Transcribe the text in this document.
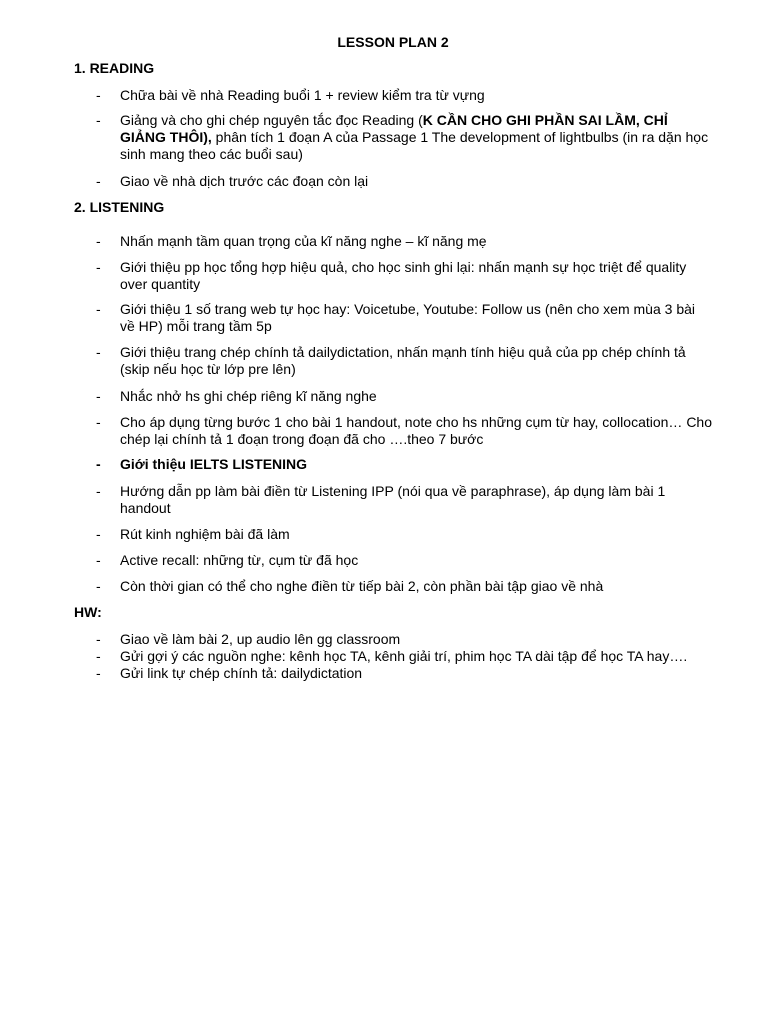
LESSON PLAN 2
1. READING
-	Chữa bài về nhà Reading buổi 1 + review kiểm tra từ vựng
-	Giảng và cho ghi chép nguyên tắc đọc Reading (K CẦN CHO GHI PHẦN SAI LẦM, CHỈ GIẢNG THÔI), phân tích 1 đoạn A của Passage 1 The development of lightbulbs (in ra dặn học sinh mang theo các buổi sau)
-	Giao về nhà dịch trước các đoạn còn lại
2. LISTENING
-	Nhấn mạnh tầm quan trọng của kĩ năng nghe – kĩ năng mẹ
-	Giới thiệu pp học tổng hợp hiệu quả, cho học sinh ghi lại: nhấn mạnh sự học triệt để quality over quantity
-	Giới thiệu 1 số trang web tự học hay: Voicetube, Youtube: Follow us (nên cho xem mùa 3 bài về HP) mỗi trang tầm 5p
-	Giới thiệu trang chép chính tả dailydictation, nhấn mạnh tính hiệu quả của pp chép chính tả (skip nếu học từ lớp pre lên)
-	Nhắc nhở hs ghi chép riêng kĩ năng nghe
-	Cho áp dụng từng bước 1 cho bài 1 handout, note cho hs những cụm từ hay, collocation… Cho chép lại chính tả 1 đoạn trong đoạn đã cho ….theo 7 bước
-	Giới thiệu IELTS LISTENING
-	Hướng dẫn pp làm bài điền từ Listening IPP (nói qua về paraphrase), áp dụng làm bài 1 handout
-	Rút kinh nghiệm bài đã làm
-	Active recall: những từ, cụm từ đã học
-	Còn thời gian có thể cho nghe điền từ tiếp bài 2, còn phần bài tập giao về nhà
HW:
-	Giao về làm bài 2, up audio lên gg classroom
-	Gửi gợi ý các nguồn nghe: kênh học TA, kênh giải trí, phim học TA dài tập để học TA hay….
-	Gửi link tự chép chính tả: dailydictation
